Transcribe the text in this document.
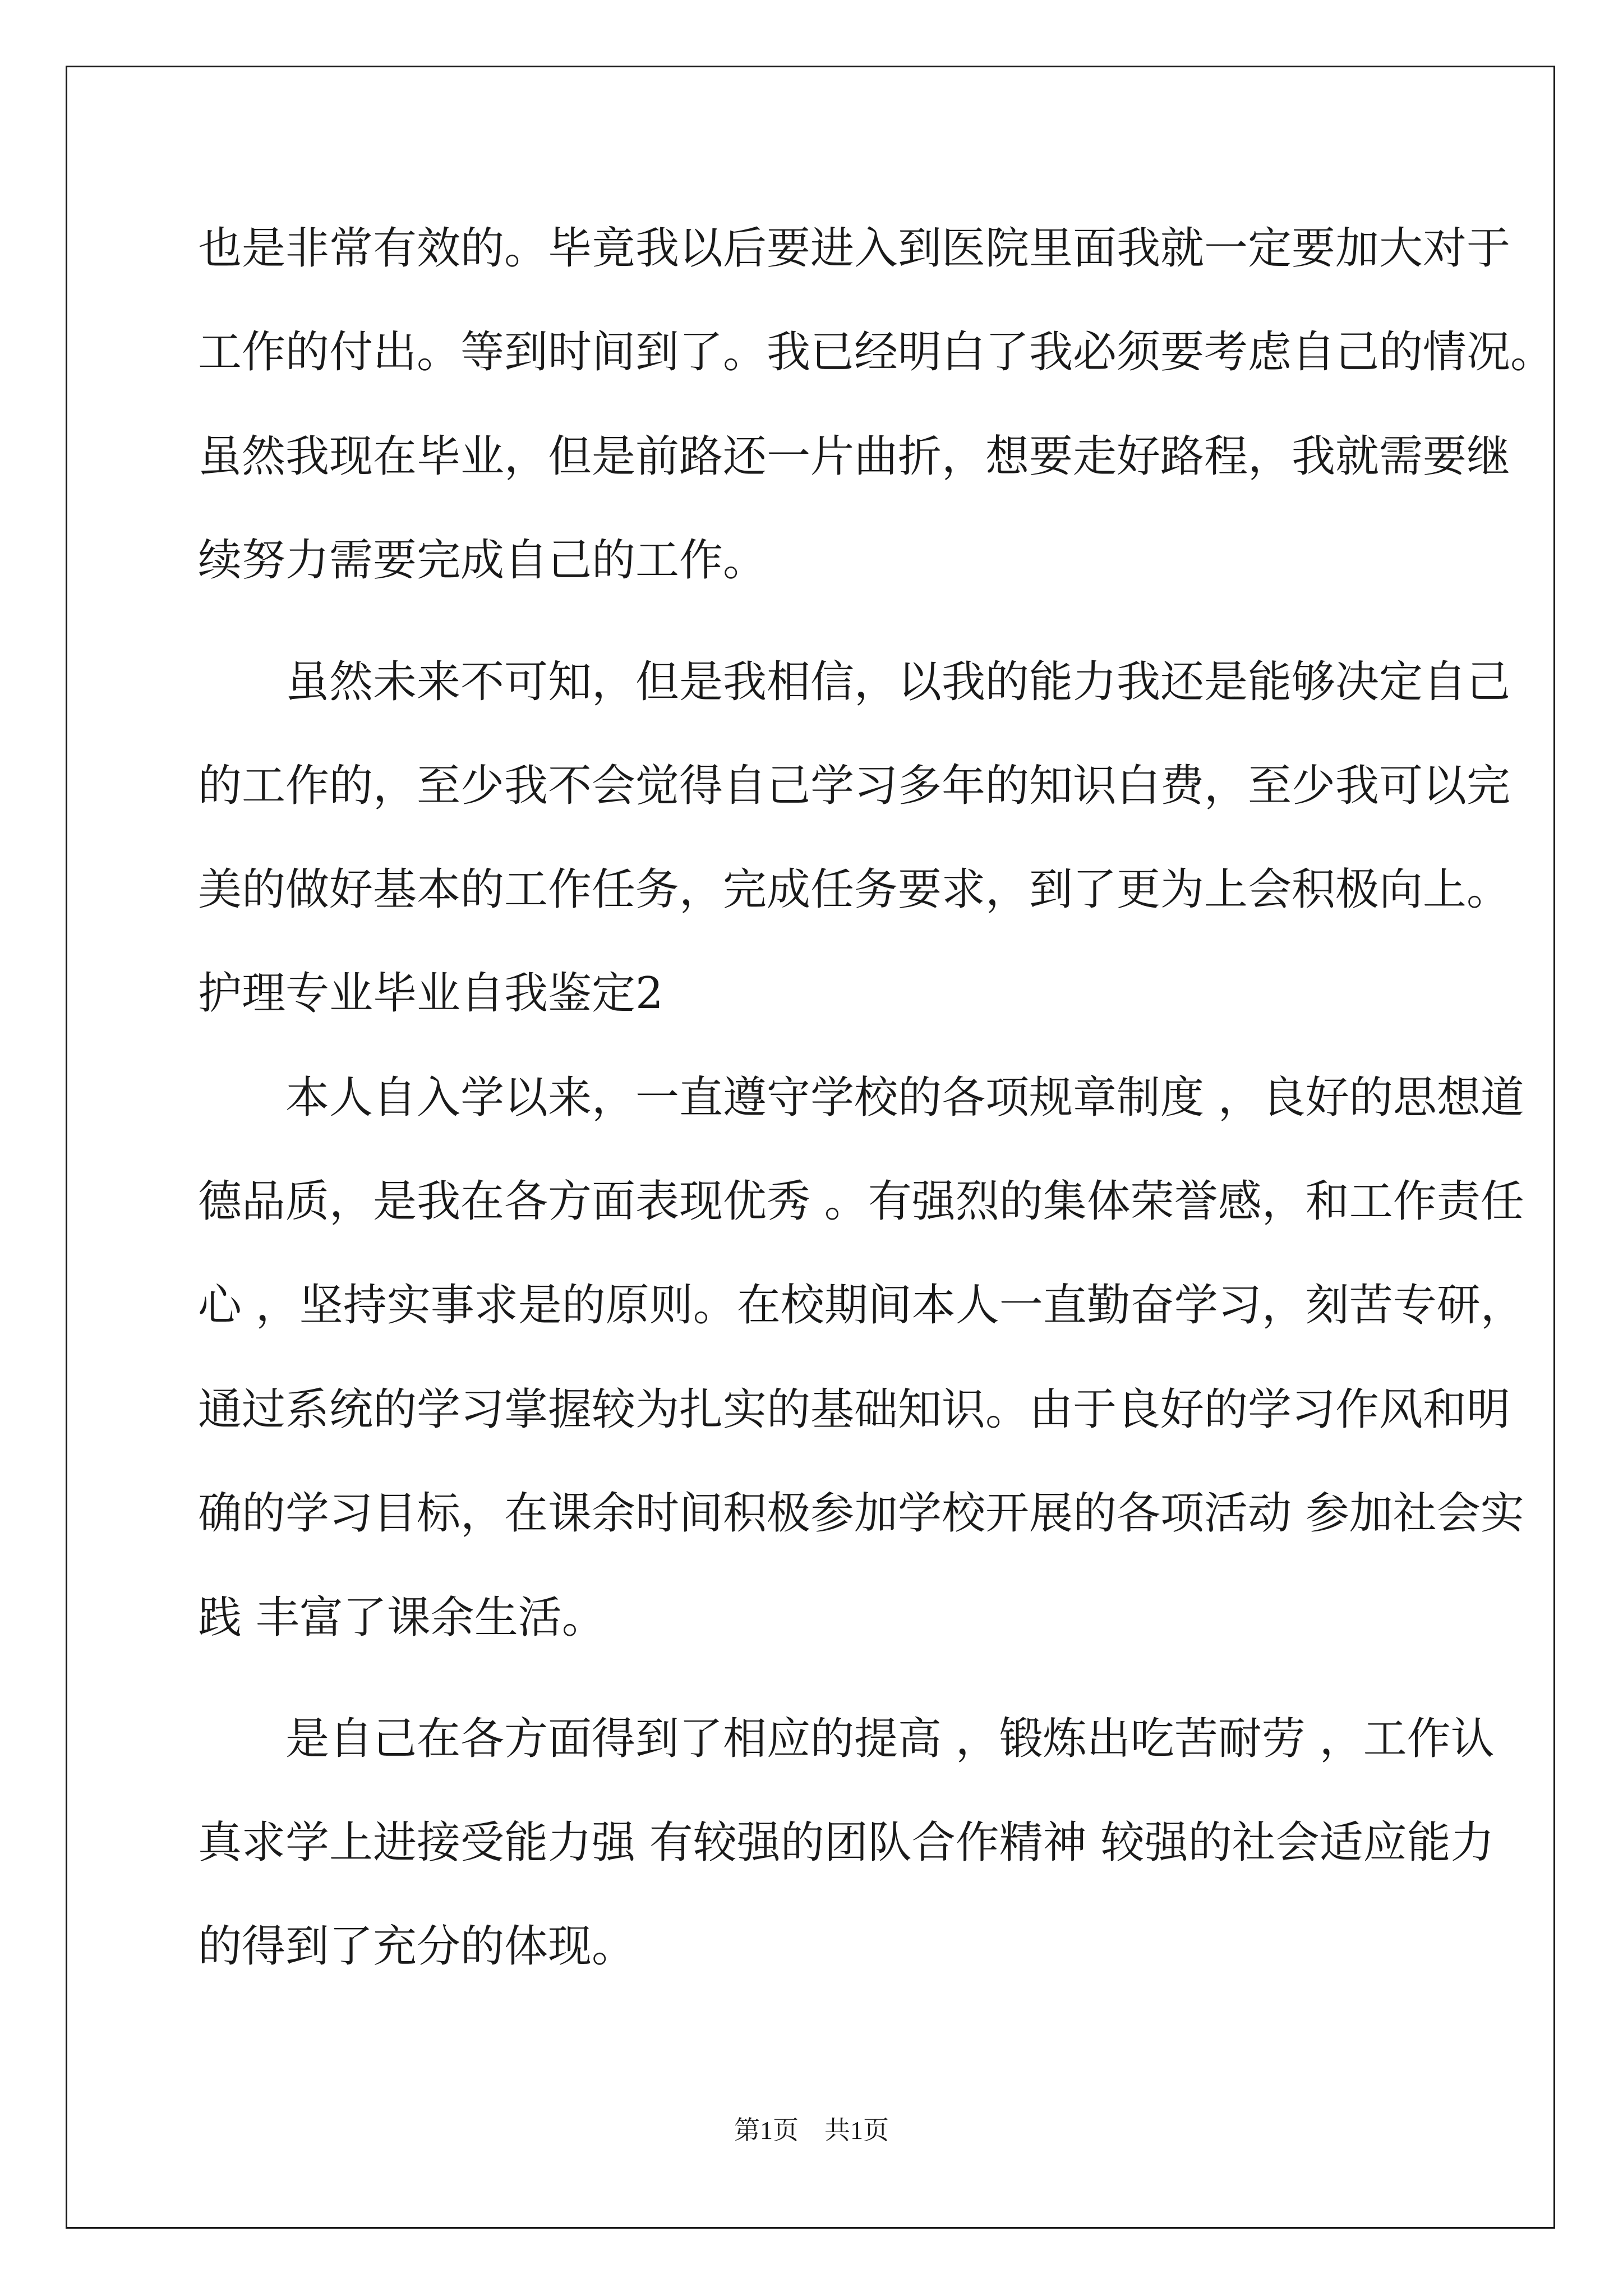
也是非常有效的。毕竟我以后要进入到医院里面我就一定要加大对于

工作的付出。等到时间到了。我已经明白了我必须要考虑自己的情况。

虽然我现在毕业，但是前路还一片曲折，想要走好路程，我就需要继

续努力需要完成自己的工作。

　　虽然未来不可知，但是我相信，以我的能力我还是能够决定自己

的工作的，至少我不会觉得自己学习多年的知识白费，至少我可以完

美的做好基本的工作任务，完成任务要求，到了更为上会积极向上。

护理专业毕业自我鉴定2

　　本人自入学以来，一直遵守学校的各项规章制度 ，良好的思想道

德品质，是我在各方面表现优秀 。有强烈的集体荣誉感，和工作责任

心 ，坚持实事求是的原则。在校期间本人一直勤奋学习，刻苦专研，

通过系统的学习掌握较为扎实的基础知识。由于良好的学习作风和明

确的学习目标，在课余时间积极参加学校开展的各项活动 参加社会实

践 丰富了课余生活。

　　是自己在各方面得到了相应的提高 ，锻炼出吃苦耐劳 ，工作认

真求学上进接受能力强 有较强的团队合作精神 较强的社会适应能力

的得到了充分的体现。

第1页　共1页
